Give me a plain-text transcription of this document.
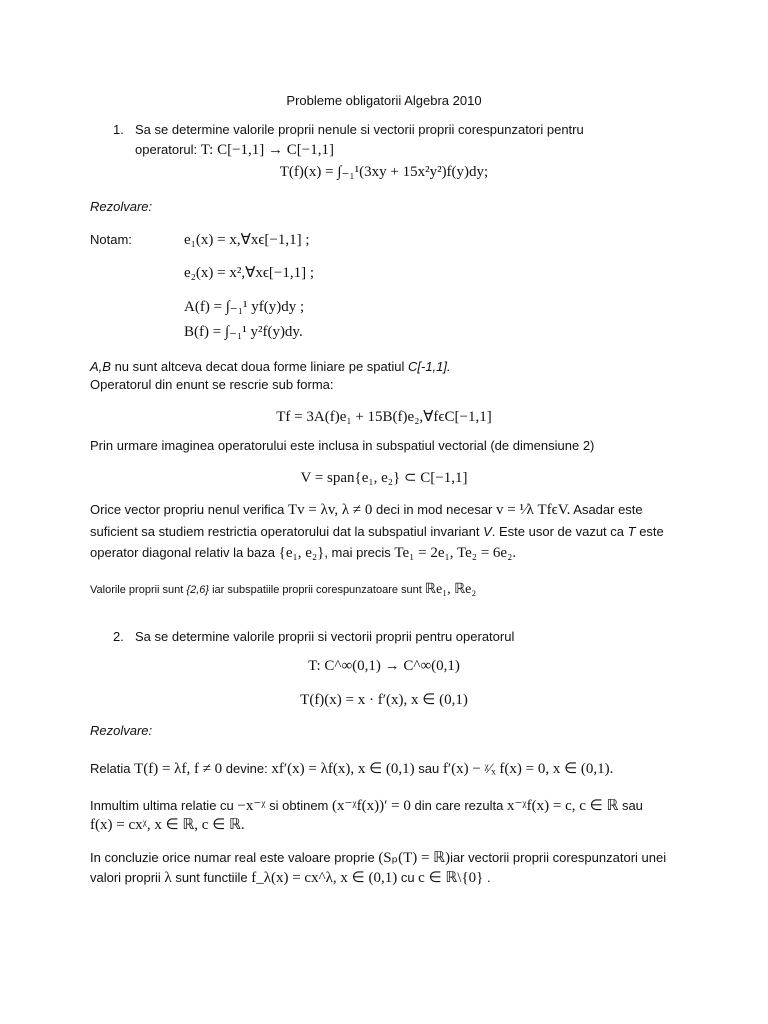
Probleme obligatorii Algebra 2010
1. Sa se determine valorile proprii nenule si vectorii proprii corespunzatori pentru
operatorul: T: C[−1,1] → C[−1,1]
T(f)(x) = ∫₋₁¹(3xy + 15x²y²)f(y)dy;
Rezolvare:
Notam:	e₁(x) = x,∀xϵ[−1,1] ;
e₂(x) = x²,∀xϵ[−1,1] ;
A(f) = ∫₋₁¹ yf(y)dy ;
B(f) = ∫₋₁¹ y²f(y)dy.
A,B nu sunt altceva decat doua forme liniare pe spatiul C[-1,1].
Operatorul din enunt se rescrie sub forma:
Tf = 3A(f)e₁ + 15B(f)e₂,∀fϵC[−1,1]
Prin urmare imaginea operatorului este inclusa in subspatiul vectorial (de dimensiune 2)
V = span{e₁, e₂} ⊂ C[−1,1]
Orice vector propriu nenul verifica Tv = λv, λ ≠ 0 deci in mod necesar v = ¹⁄λ TfϵV. Asadar este
suficient sa studiem restrictia operatorului dat la subspatiul invariant V. Este usor de vazut ca T este
operator diagonal relativ la baza {e₁, e₂}, mai precis Te₁ = 2e₁, Te₂ = 6e₂.
Valorile proprii sunt {2,6} iar subspatiile proprii corespunzatoare sunt ℝe₁, ℝe₂
2. Sa se determine valorile proprii si vectorii proprii pentru operatorul
T: C^∞(0,1) → C^∞(0,1)
T(f)(x) = x · f′(x), x ∈ (0,1)
Rezolvare:
Relatia T(f) = λf, f ≠ 0 devine: xf′(x) = λf(x), x ∈ (0,1) sau f′(x) − ᵡ⁄ₓ f(x) = 0, x ∈ (0,1).
Inmultim ultima relatie cu −x⁻ᵡ si obtinem (x⁻ᵡf(x))′ = 0 din care rezulta x⁻ᵡf(x) = c, c ∈ ℝ sau
f(x) = cxᵡ, x ∈ ℝ, c ∈ ℝ.
In concluzie orice numar real este valoare proprie (Sₚ(T) = ℝ)iar vectorii proprii corespunzatori unei
valori proprii λ sunt functiile f_λ(x) = cx^λ, x ∈ (0,1) cu c ∈ ℝ\{0} .
